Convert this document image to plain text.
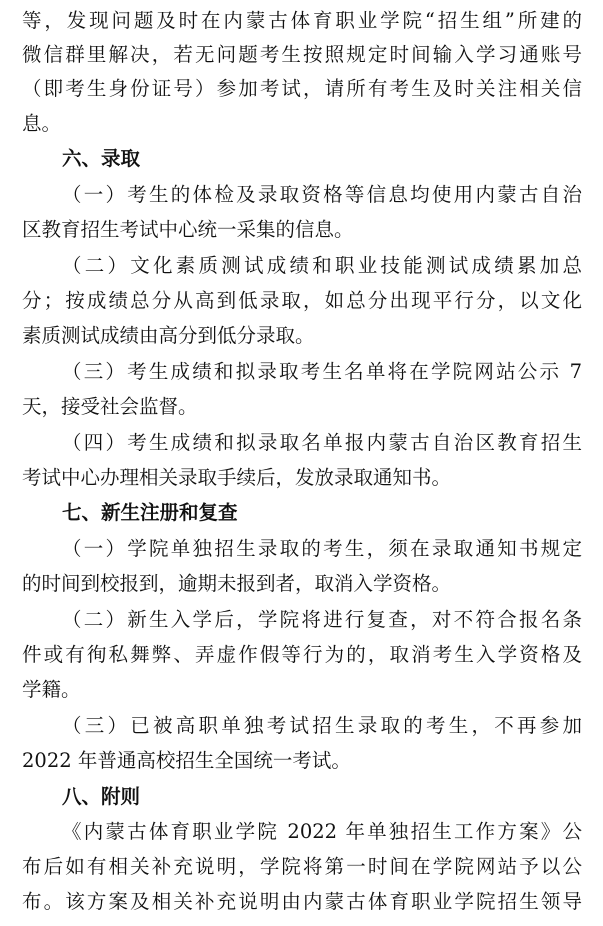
等，发现问题及时在内蒙古体育职业学院“招生组”所建的
微信群里解决，若无问题考生按照规定时间输入学习通账号
（即考生身份证号）参加考试，请所有考生及时关注相关信
息。
六、录取
（一）考生的体检及录取资格等信息均使用内蒙古自治
区教育招生考试中心统一采集的信息。
（二）文化素质测试成绩和职业技能测试成绩累加总
分；按成绩总分从高到低录取，如总分出现平行分，以文化
素质测试成绩由高分到低分录取。
（三）考生成绩和拟录取考生名单将在学院网站公示 7
天，接受社会监督。
（四）考生成绩和拟录取名单报内蒙古自治区教育招生
考试中心办理相关录取手续后，发放录取通知书。
七、新生注册和复查
（一）学院单独招生录取的考生，须在录取通知书规定
的时间到校报到，逾期未报到者，取消入学资格。
（二）新生入学后，学院将进行复查，对不符合报名条
件或有徇私舞弊、弄虚作假等行为的，取消考生入学资格及
学籍。
（三）已被高职单独考试招生录取的考生，不再参加
2022 年普通高校招生全国统一考试。
八、附则
《内蒙古体育职业学院 2022 年单独招生工作方案》公
布后如有相关补充说明，学院将第一时间在学院网站予以公
布。该方案及相关补充说明由内蒙古体育职业学院招生领导
